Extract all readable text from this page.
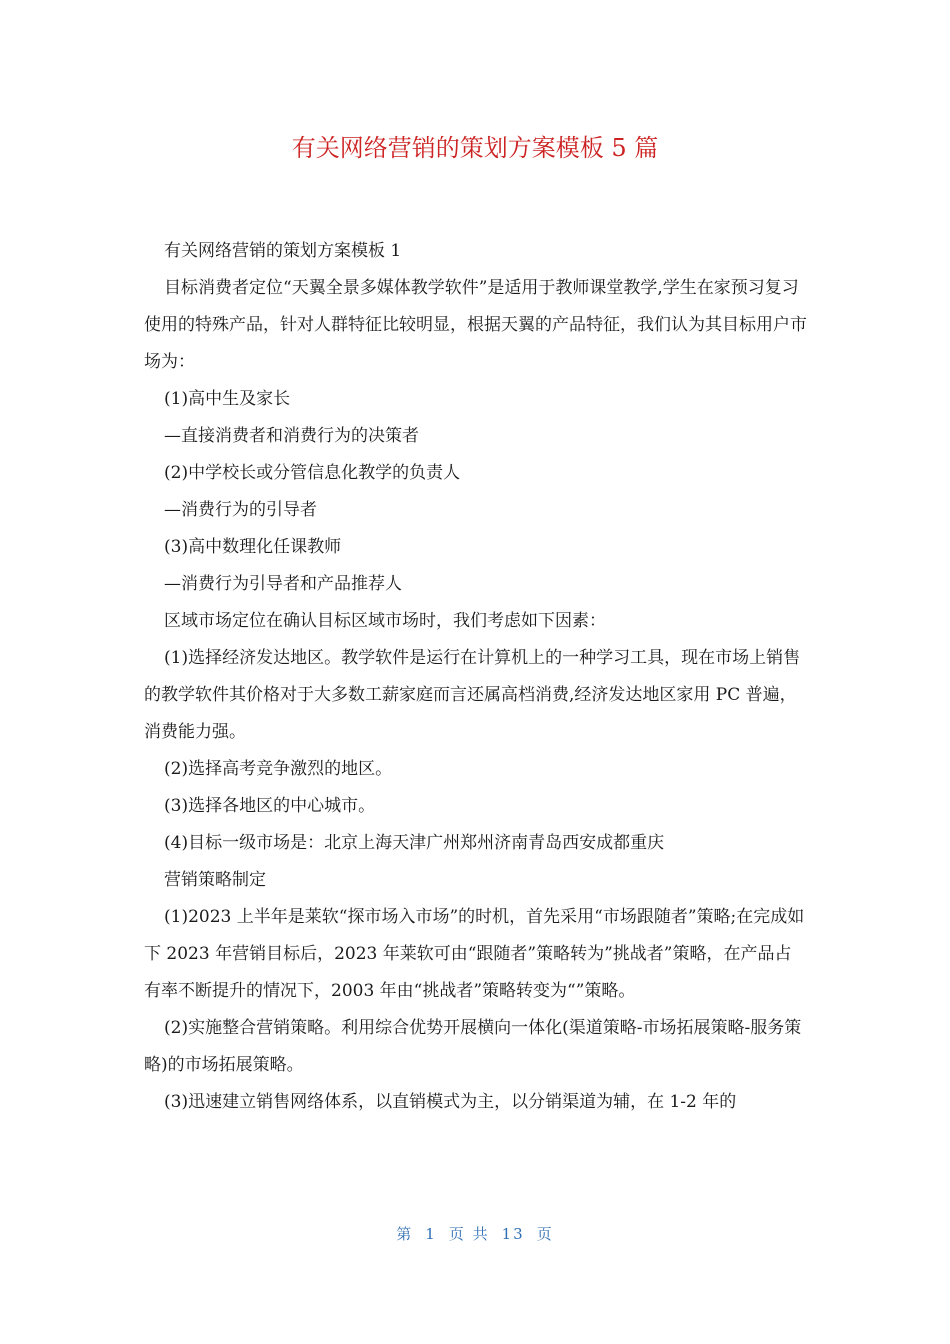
有关网络营销的策划方案模板 5 篇

有关网络营销的策划方案模板 1

目标消费者定位“天翼全景多媒体教学软件”是适用于教师课堂教学,学生在家预习复习使用的特殊产品，针对人群特征比较明显，根据天翼的产品特征，我们认为其目标用户市场为：

(1)高中生及家长

—直接消费者和消费行为的决策者

(2)中学校长或分管信息化教学的负责人

—消费行为的引导者

(3)高中数理化任课教师

—消费行为引导者和产品推荐人

区域市场定位在确认目标区域市场时，我们考虑如下因素：

(1)选择经济发达地区。教学软件是运行在计算机上的一种学习工具，现在市场上销售的教学软件其价格对于大多数工薪家庭而言还属高档消费,经济发达地区家用 PC 普遍，消费能力强。

(2)选择高考竞争激烈的地区。

(3)选择各地区的中心城市。

(4)目标一级市场是：北京上海天津广州郑州济南青岛西安成都重庆

营销策略制定

(1)2023 上半年是莱软“探市场入市场”的时机，首先采用“市场跟随者”策略;在完成如下 2023 年营销目标后，2023 年莱软可由“跟随者”策略转为”挑战者”策略，在产品占有率不断提升的情况下，2003 年由“挑战者”策略转变为“”策略。

(2)实施整合营销策略。利用综合优势开展横向一体化(渠道策略-市场拓展策略-服务策略)的市场拓展策略。

(3)迅速建立销售网络体系，以直销模式为主，以分销渠道为辅，在 1-2 年的

第 1 页 共 13 页
